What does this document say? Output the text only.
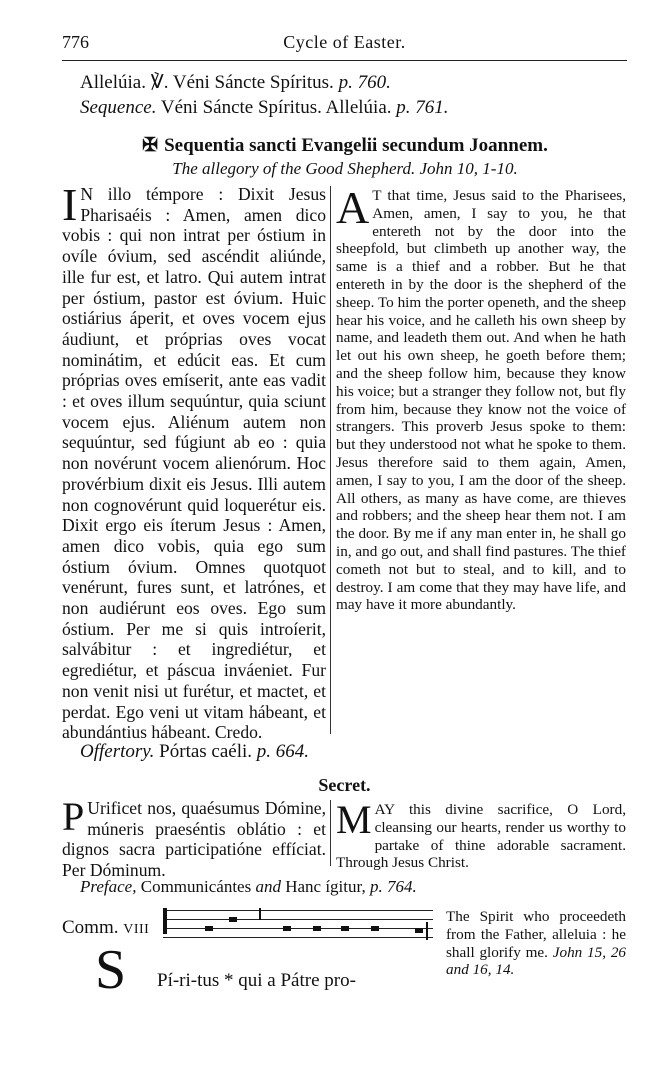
776	Cycle of Easter.
Allelúia. ℣. Véni Sáncte Spíritus. p. 760.
Sequence. Véni Sáncte Spíritus. Allelúia. p. 761.
✠ Sequentia sancti Evangelii secundum Joannem.
The allegory of the Good Shepherd. John 10, 1-10.
I N illo témpore : Dixit Jesus Pharisaéis : Amen, amen dico vobis : qui non intrat per óstium in ovíle óvium, sed ascéndit aliúnde, ille fur est, et latro. Qui autem intrat per óstium, pastor est óvium. Huic ostiárius áperit, et oves vocem ejus áudiunt, et próprias oves vocat nominátim, et edúcit eas. Et cum próprias oves emíserit, ante eas vadit : et oves illum sequúntur, quia sciunt vocem ejus. Aliénum autem non sequúntur, sed fúgiunt ab eo : quia non novérunt vocem alienórum. Hoc provérbium dixit eis Jesus. Illi autem non cognovérunt quid loquerétur eis. Dixit ergo eis íterum Jesus : Amen, amen dico vobis, quia ego sum óstium óvium. Omnes quotquot venérunt, fures sunt, et latrónes, et non audiérunt eos oves. Ego sum óstium. Per me si quis introíerit, salvábitur : et ingrediétur, et egrediétur, et páscua inváeniet. Fur non venit nisi ut furétur, et mactet, et perdat. Ego veni ut vitam hábeant, et abundántius hábeant. Credo.
A T that time, Jesus said to the Pharisees, Amen, amen, I say to you, he that entereth not by the door into the sheepfold, but climbeth up another way, the same is a thief and a robber. But he that entereth in by the door is the shepherd of the sheep. To him the porter openeth, and the sheep hear his voice, and he calleth his own sheep by name, and leadeth them out. And when he hath let out his own sheep, he goeth before them; and the sheep follow him, because they know his voice; but a stranger they follow not, but fly from him, because they know not the voice of strangers. This proverb Jesus spoke to them: but they understood not what he spoke to them. Jesus therefore said to them again, Amen, amen, I say to you, I am the door of the sheep. All others, as many as have come, are thieves and robbers; and the sheep hear them not. I am the door. By me if any man enter in, he shall go in, and go out, and shall find pastures. The thief cometh not but to steal, and to kill, and to destroy. I am come that they may have life, and may have it more abundantly.
Offertory. Pórtas caéli. p. 664.
Secret.
P Urificet nos, quaésumus Dómine, múneris praeséntis oblátio : et dignos sacra participatióne effíciat. Per Dóminum.
MAY this divine sacrifice, O Lord, cleansing our hearts, render us worthy to partake of thine adorable sacrament. Through Jesus Christ.
Preface, Communicántes and Hanc ígitur, p. 764.
Comm. VIII
S Pí-ri-tus * qui a Pátre pro-
The Spirit who proceedeth from the Father, alleluia : he shall glorify me. John 15, 26 and 16, 14.
